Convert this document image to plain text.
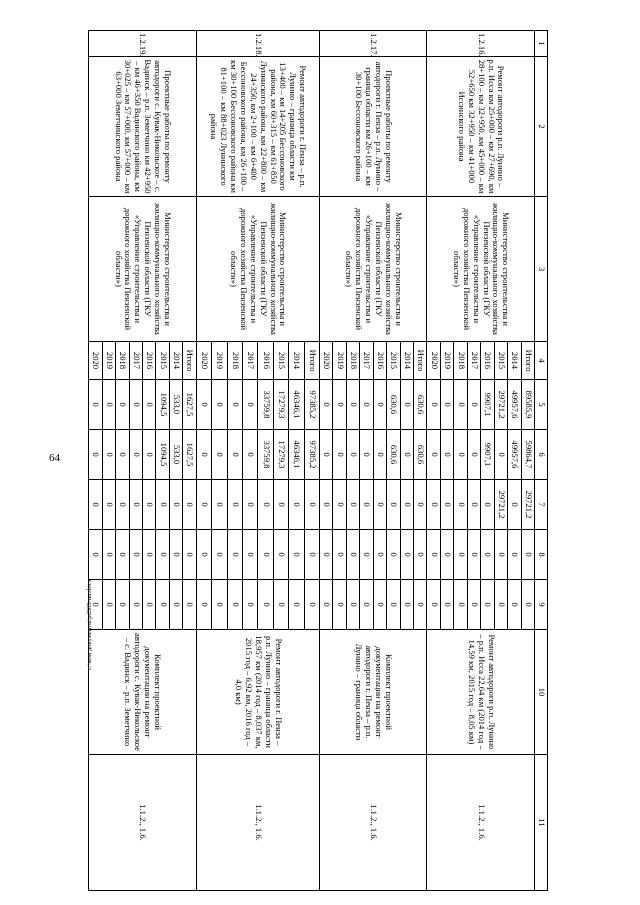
64
1	2	3	4	5	6	7	8	9	10	11
1.2.16.	Ремонт автодороги р.п. Лунино – р.п. Исса км 25+000 – км 27+690, км 28+100 – км 32+950, км 45+000 – км 52+650 км 32+950 – км 41+000 Иссинского района	Министерство строительства и жилищно-коммунального хозяйства Пензенской области (ГКУ «Управление строительства и дорожного хозяйства Пензенской области»)	Итого	89585,9	59864,7	29721,2	0	0	Ремонт автодороги р.п. Лунино – р.п. Исса 22,64 км (2014 год – 14,59 км, 2015 год – 8,05 км)	1.1.2., 1.6.
			2014	49957,6	49957,6	0	0	0		
			2015	29721,2	0	29721,2	0	0		
			2016	9907,1	9907,1	0	0	0		
			2017	0	0	0	0	0		
			2018	0	0	0	0	0		
			2019	0	0	0	0	0		
			2020	0	0	0	0	0		
1.2.17.	Проектные работы по ремонту автодороги г. Пенза – р.п. Лунино – граница области км 26+100 – км 30+100 Бессоновского района	Министерство строительства и жилищно-коммунального хозяйства Пензенской области (ГКУ «Управление строительства и дорожного хозяйства Пензенской области»)	Итого	630,6	630,6	0	0	0	Комплект проектной документации на ремонт автодороги г. Пенза – р.п. Лунино – граница области	1.1.2., 1.6.
			2014	0	0	0	0	0		
			2015	630,6	630,6	0	0	0		
			2016	0	0	0	0	0		
			2017	0	0	0	0	0		
			2018	0	0	0	0	0		
			2019	0	0	0	0	0		
			2020	0	0	0	0	0		
1.2.18.	Ремонт автодороги г. Пенза – р.п. Лунино – граница области км 13+400 – км 14+205 Бессоновского района, км 60+315 – км 61+850 Лунинского района, км 22+800 – км 24+350, км 2+100 – км 6+400 Бессоновского района, км 26+100 – км 30+100 Бессоновского района км 81+100 – км 88+023 Лунинского района	Министерство строительства и жилищно-коммунального хозяйства Пензенской области (ГКУ «Управление строительства и дорожного хозяйства Пензенской области»)	Итого	97385,2	97385,2	0	0	0	Ремонт автодороги г. Пенза – р.п. Лунино – граница области 18,957 км (2014 год – 8,037 км, 2015 год – 6,92 км, 2016 год – 4,0 км)	1.1.2., 1.6.
			2014	46346,1	46346,1	0	0	0		
			2015	17279,3	17279,3	0	0	0		
			2016	33759,8	33759,8	0	0	0		
			2017	0	0	0	0	0		
			2018	0	0	0	0	0		
			2019	0	0	0	0	0		
			2020	0	0	0	0	0		
1.2.19.	Проектные работы по ремонту автодороги с. Кувак-Никольское – с. Вадинск – р.п. Земетчино км 42+950 – км 46+350 Вадинского района, км 30+025 – км 57+000, км 57+000 – км 63+000 Земетчинского района	Министерство строительства и жилищно-коммунального хозяйства Пензенской области (ГКУ «Управление строительства и дорожного хозяйства Пензенской области»)	Итого	1627,5	1627,5	0	0	0	Комплект проектной документации на ремонт автодороги с. Кувак-Никольское – с. Вадинск – р.п. Земетчино	1.1.2., 1.6.
			2014	533,0	533,0	0	0	0		
			2015	1094,5	1094,5	0	0	0		
			2016	0	0	0	0	0		
			2017	0	0	0	0	0		
			2018	0	0	0	0	0		
			2019	0	0	0	0	0		
			2020	0	0	0	0	0		
c:\мои документы\pd305-ни.docx
